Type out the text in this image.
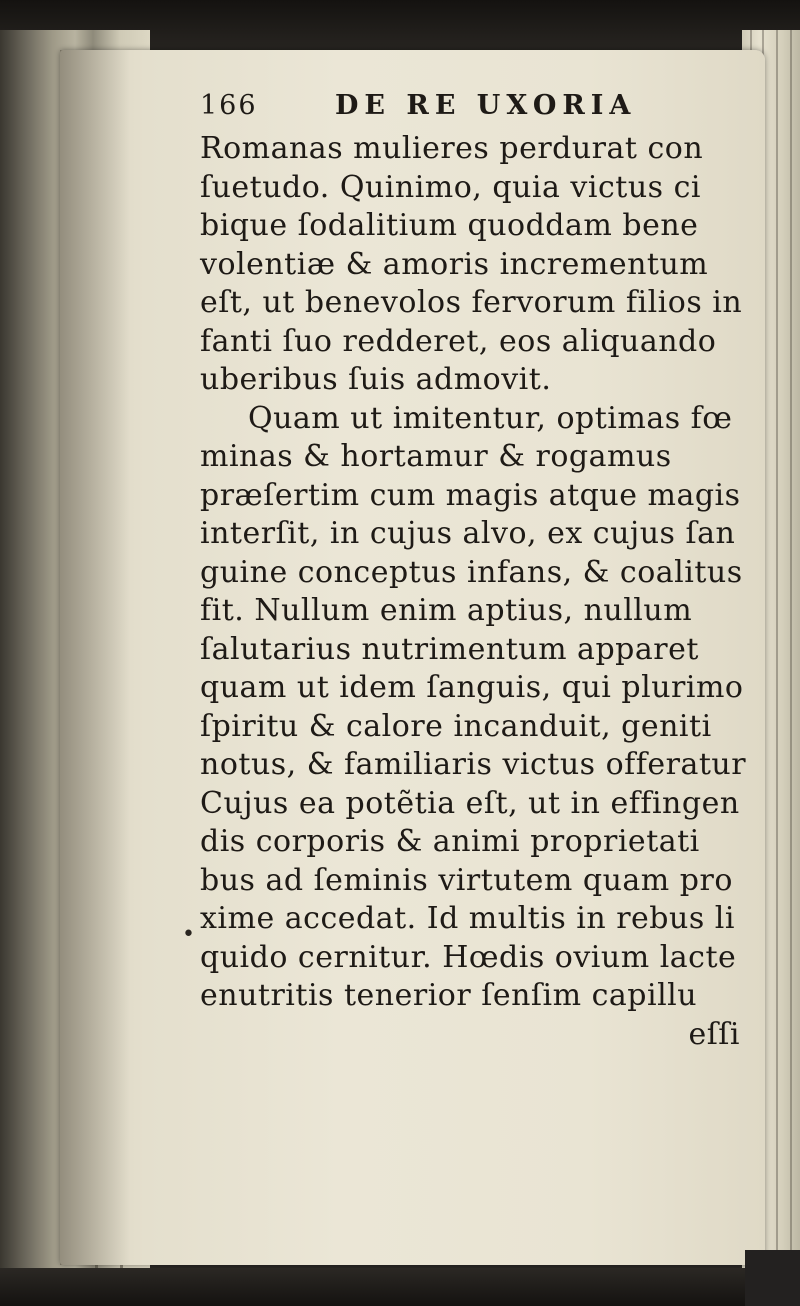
166	DE RE UXORIA
Romanas mulieres perdurat con
ſuetudo. Quinimo, quia victus ci
bique ſodalitium quoddam bene
volentiæ & amoris incrementum
eſt, ut benevolos fervorum filios in
fanti ſuo redderet, eos aliquando
uberibus ſuis admovit.
Quam ut imitentur, optimas fœ
minas & hortamur & rogamus
præſertim cum magis atque magis
interſit, in cujus alvo, ex cujus ſan
guine conceptus infans, & coalitus
fit. Nullum enim aptius, nullum
ſalutarius nutrimentum apparet
quam ut idem ſanguis, qui plurimo
ſpiritu & calore incanduit, geniti
notus, & familiaris victus offeratur
Cujus ea potẽtia eſt, ut in effingen
dis corporis & animi proprietati
bus ad ſeminis virtutem quam pro
xime accedat. Id multis in rebus li
quido cernitur. Hœdis ovium lacte
enutritis tenerior ſenſim capillu
eſſi
•
